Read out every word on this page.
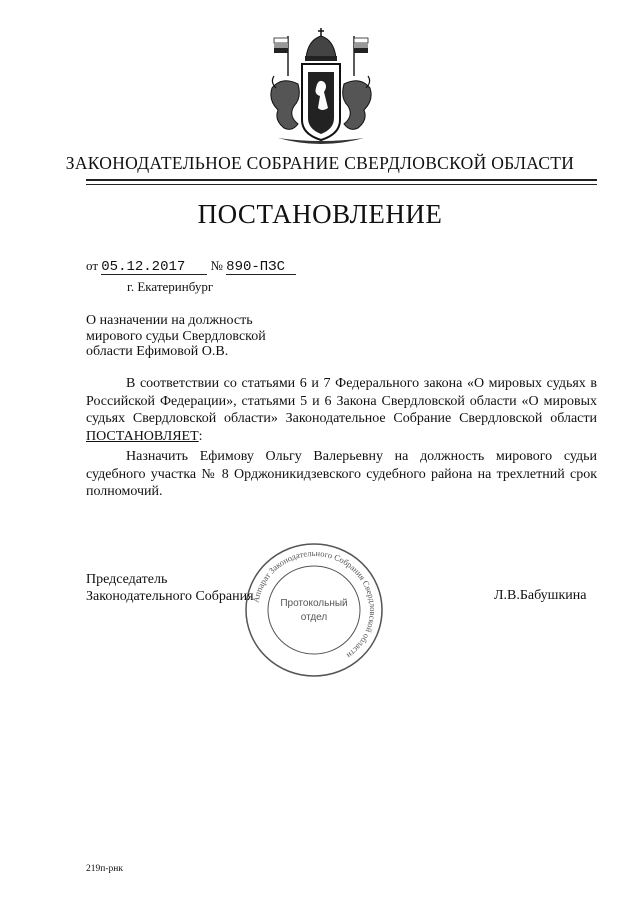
ЗАКОНОДАТЕЛЬНОЕ СОБРАНИЕ СВЕРДЛОВСКОЙ ОБЛАСТИ
ПОСТАНОВЛЕНИЕ
от 05.12.2017 № 890-ПЗС
г. Екатеринбург
О назначении на должность
мирового судьи Свердловской
области Ефимовой О.В.
В соответствии со статьями 6 и 7 Федерального закона «О мировых судьях в Российской Федерации», статьями 5 и 6 Закона Свердловской области «О мировых судьях Свердловской области» Законодательное Собрание Свердловской области ПОСТАНОВЛЯЕТ:
Назначить Ефимову Ольгу Валерьевну на должность мирового судьи судебного участка № 8 Орджоникидзевского судебного района на трехлетний срок полномочий.
Аппарат Законодательного Собрания Свердловской области
Протокольный
отдел
Председатель
Законодательного Собрания	Л.В.Бабушкина
219п-рнк
